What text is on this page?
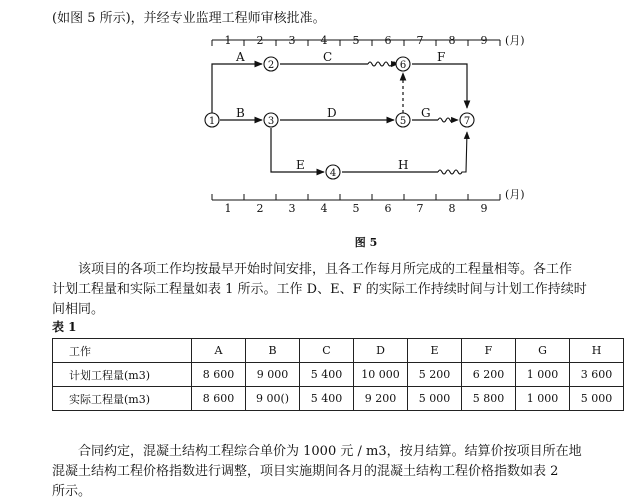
(如图 5 所示)，并经专业监理工程师审核批准。
1 2 3 4 5 6 7 8 9 (月)
1 2 3 4 5 6 7 8 9
(月)
A
B
C
D
E
F
G
H
1
2
3
4
5
6
7
图 5
该项目的各项工作均按最早开始时间安排，且各工作每月所完成的工程量相等。各工作
计划工程量和实际工程量如表 1 所示。工作 D、E、F 的实际工作持续时间与计划工作持续时
间相同。
表 1
工作	A	B	C	D	E	F	G	H
计划工程量(m3)	8 600	9 000	5 400	10 000	5 200	6 200	1 000	3 600
实际工程量(m3)	8 600	9 00()	5 400	9 200	5 000	5 800	1 000	5 000
合同约定，混凝土结构工程综合单价为 1000 元 / m3，按月结算。结算价按项目所在地
混凝土结构工程价格指数进行调整，项目实施期间各月的混凝土结构工程价格指数如表 2
所示。
